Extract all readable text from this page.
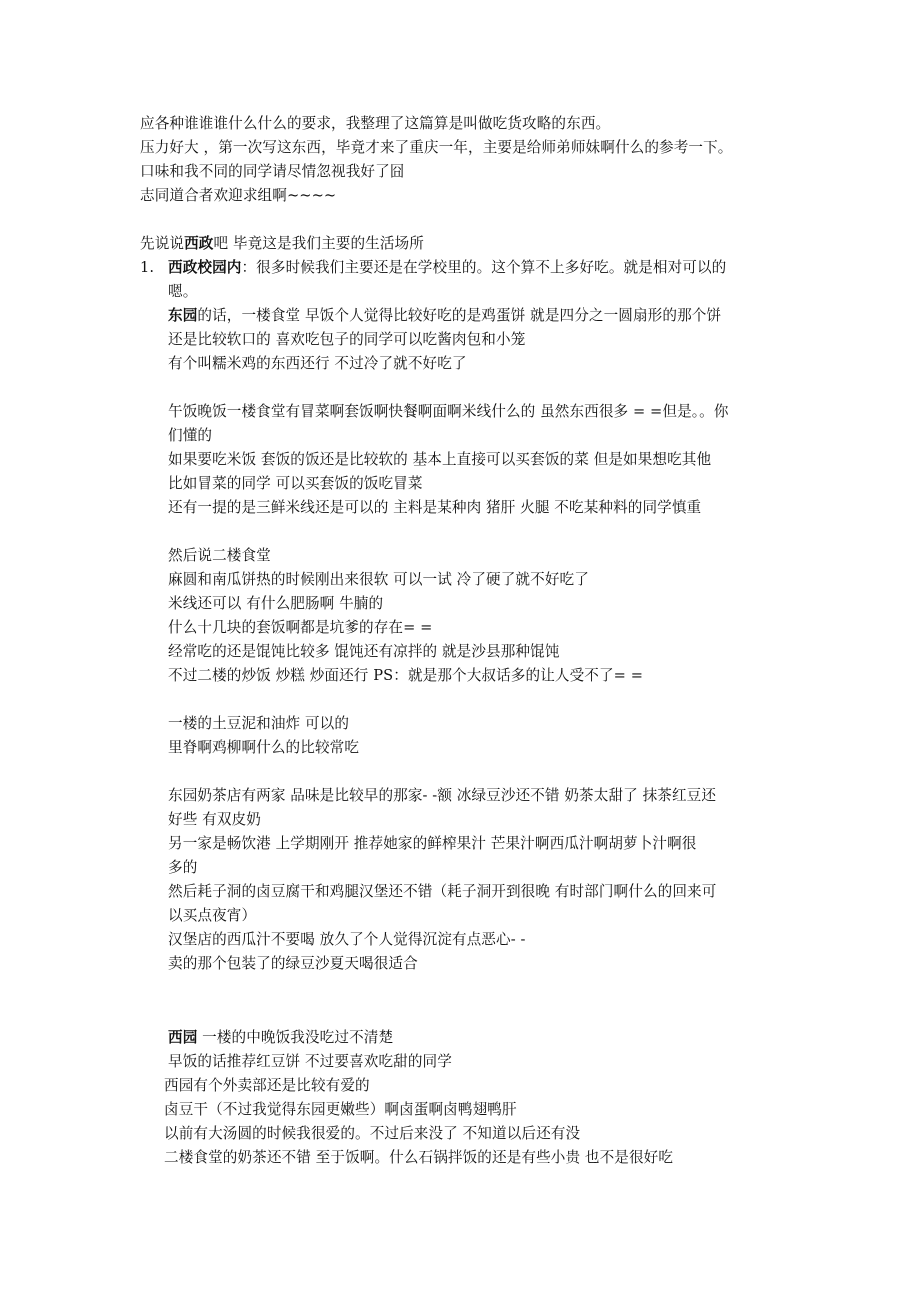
应各种谁谁谁什么什么的要求，我整理了这篇算是叫做吃货攻略的东西。
压力好大 ，第一次写这东西，毕竟才来了重庆一年，主要是给师弟师妹啊什么的参考一下。
口味和我不同的同学请尽情忽视我好了囧
志同道合者欢迎求组啊~~~~
先说说西政吧 毕竟这是我们主要的生活场所
1. 西政校园内：很多时候我们主要还是在学校里的。这个算不上多好吃。就是相对可以的
嗯。
东园的话，一楼食堂 早饭个人觉得比较好吃的是鸡蛋饼 就是四分之一圆扇形的那个饼
还是比较软口的 喜欢吃包子的同学可以吃酱肉包和小笼
有个叫糯米鸡的东西还行 不过冷了就不好吃了
午饭晚饭一楼食堂有冒菜啊套饭啊快餐啊面啊米线什么的 虽然东西很多 = =但是。。你
们懂的
如果要吃米饭 套饭的饭还是比较软的 基本上直接可以买套饭的菜 但是如果想吃其他
比如冒菜的同学 可以买套饭的饭吃冒菜
还有一提的是三鲜米线还是可以的 主料是某种肉 猪肝 火腿 不吃某种料的同学慎重
然后说二楼食堂
麻圆和南瓜饼热的时候刚出来很软 可以一试 冷了硬了就不好吃了
米线还可以 有什么肥肠啊 牛腩的
什么十几块的套饭啊都是坑爹的存在= =
经常吃的还是馄饨比较多 馄饨还有凉拌的 就是沙县那种馄饨
不过二楼的炒饭 炒糕 炒面还行 PS：就是那个大叔话多的让人受不了= =
一楼的土豆泥和油炸 可以的
里脊啊鸡柳啊什么的比较常吃
东园奶茶店有两家 品味是比较早的那家- -额 冰绿豆沙还不错 奶茶太甜了 抹茶红豆还
好些 有双皮奶
另一家是畅饮港 上学期刚开 推荐她家的鲜榨果汁 芒果汁啊西瓜汁啊胡萝卜汁啊很
多的
然后耗子洞的卤豆腐干和鸡腿汉堡还不错（耗子洞开到很晚 有时部门啊什么的回来可
以买点夜宵）
汉堡店的西瓜汁不要喝 放久了个人觉得沉淀有点恶心- -
卖的那个包装了的绿豆沙夏天喝很适合
西园 一楼的中晚饭我没吃过不清楚
早饭的话推荐红豆饼 不过要喜欢吃甜的同学
西园有个外卖部还是比较有爱的
卤豆干（不过我觉得东园更嫩些）啊卤蛋啊卤鸭翅鸭肝
以前有大汤圆的时候我很爱的。不过后来没了 不知道以后还有没
二楼食堂的奶茶还不错 至于饭啊。什么石锅拌饭的还是有些小贵 也不是很好吃
